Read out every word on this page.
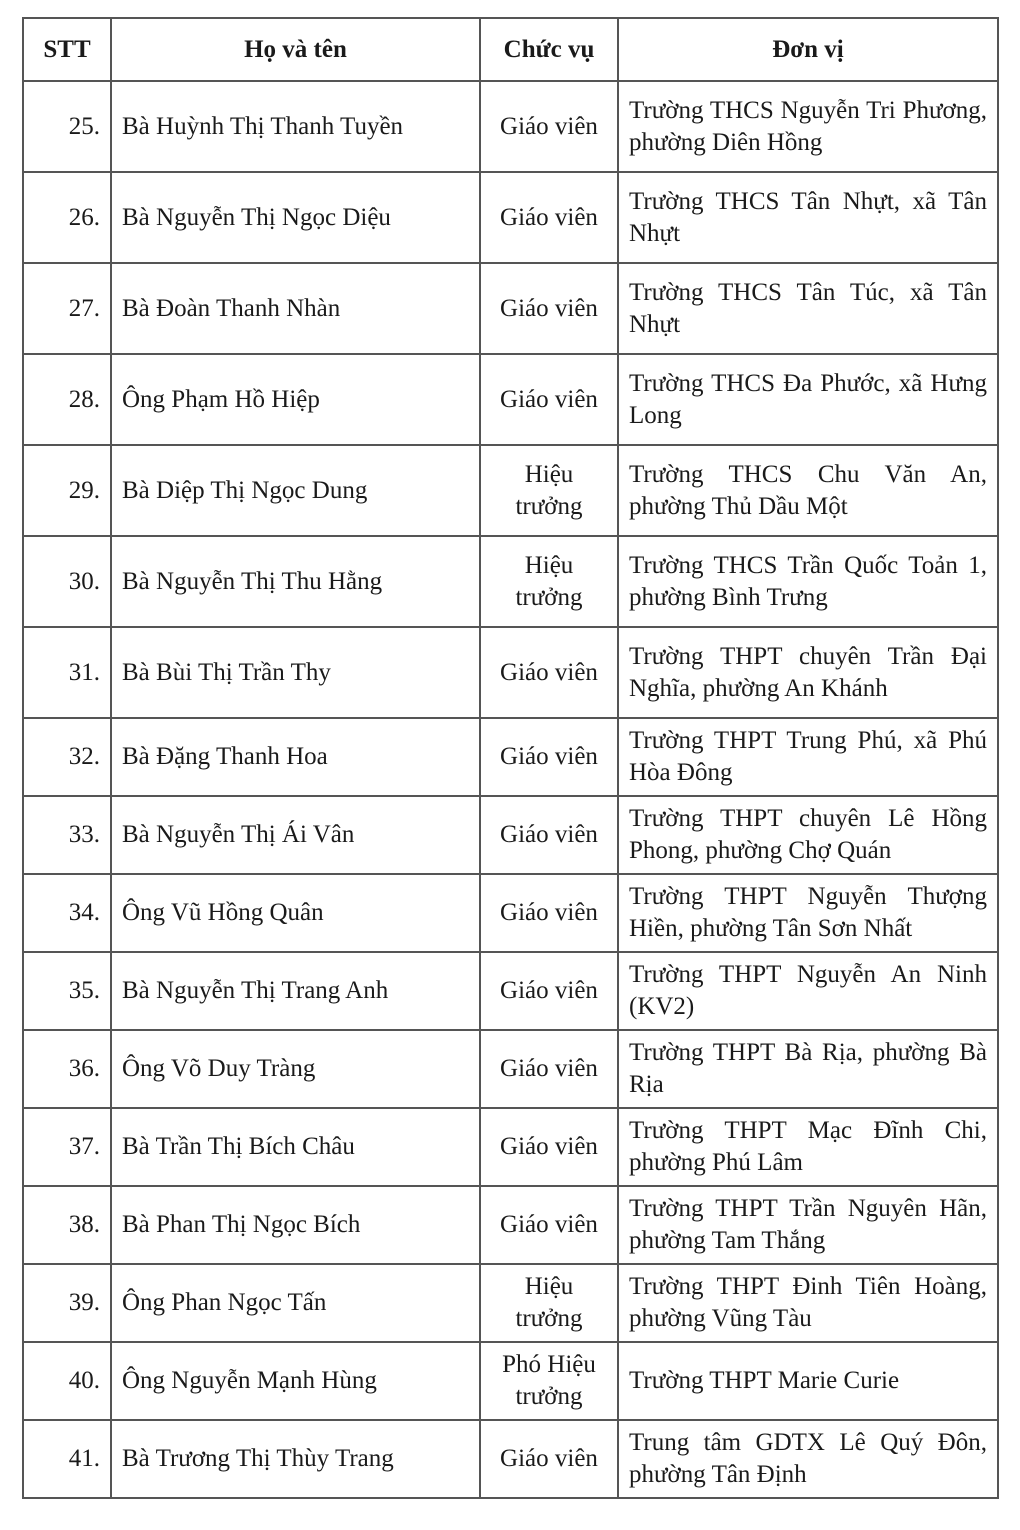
STT	Họ và tên	Chức vụ	Đơn vị
25.	Bà Huỳnh Thị Thanh Tuyền	Giáo viên	Trường THCS Nguyễn Tri Phương, phường Diên Hồng
26.	Bà Nguyễn Thị Ngọc Diệu	Giáo viên	Trường THCS Tân Nhựt, xã Tân Nhựt
27.	Bà Đoàn Thanh Nhàn	Giáo viên	Trường THCS Tân Túc, xã Tân Nhựt
28.	Ông Phạm Hồ Hiệp	Giáo viên	Trường THCS Đa Phước, xã Hưng Long
29.	Bà Diệp Thị Ngọc Dung	Hiệu trưởng	Trường THCS Chu Văn An, phường Thủ Dầu Một
30.	Bà Nguyễn Thị Thu Hằng	Hiệu trưởng	Trường THCS Trần Quốc Toản 1, phường Bình Trưng
31.	Bà Bùi Thị Trần Thy	Giáo viên	Trường THPT chuyên Trần Đại Nghĩa, phường An Khánh
32.	Bà Đặng Thanh Hoa	Giáo viên	Trường THPT Trung Phú, xã Phú Hòa Đông
33.	Bà Nguyễn Thị Ái Vân	Giáo viên	Trường THPT chuyên Lê Hồng Phong, phường Chợ Quán
34.	Ông Vũ Hồng Quân	Giáo viên	Trường THPT Nguyễn Thượng Hiền, phường Tân Sơn Nhất
35.	Bà Nguyễn Thị Trang Anh	Giáo viên	Trường THPT Nguyễn An Ninh (KV2)
36.	Ông Võ Duy Tràng	Giáo viên	Trường THPT Bà Rịa, phường Bà Rịa
37.	Bà Trần Thị Bích Châu	Giáo viên	Trường THPT Mạc Đĩnh Chi, phường Phú Lâm
38.	Bà Phan Thị Ngọc Bích	Giáo viên	Trường THPT Trần Nguyên Hãn, phường Tam Thắng
39.	Ông Phan Ngọc Tấn	Hiệu trưởng	Trường THPT Đinh Tiên Hoàng, phường Vũng Tàu
40.	Ông Nguyễn Mạnh Hùng	Phó Hiệu trưởng	Trường THPT Marie Curie
41.	Bà Trương Thị Thùy Trang	Giáo viên	Trung tâm GDTX Lê Quý Đôn, phường Tân Định
